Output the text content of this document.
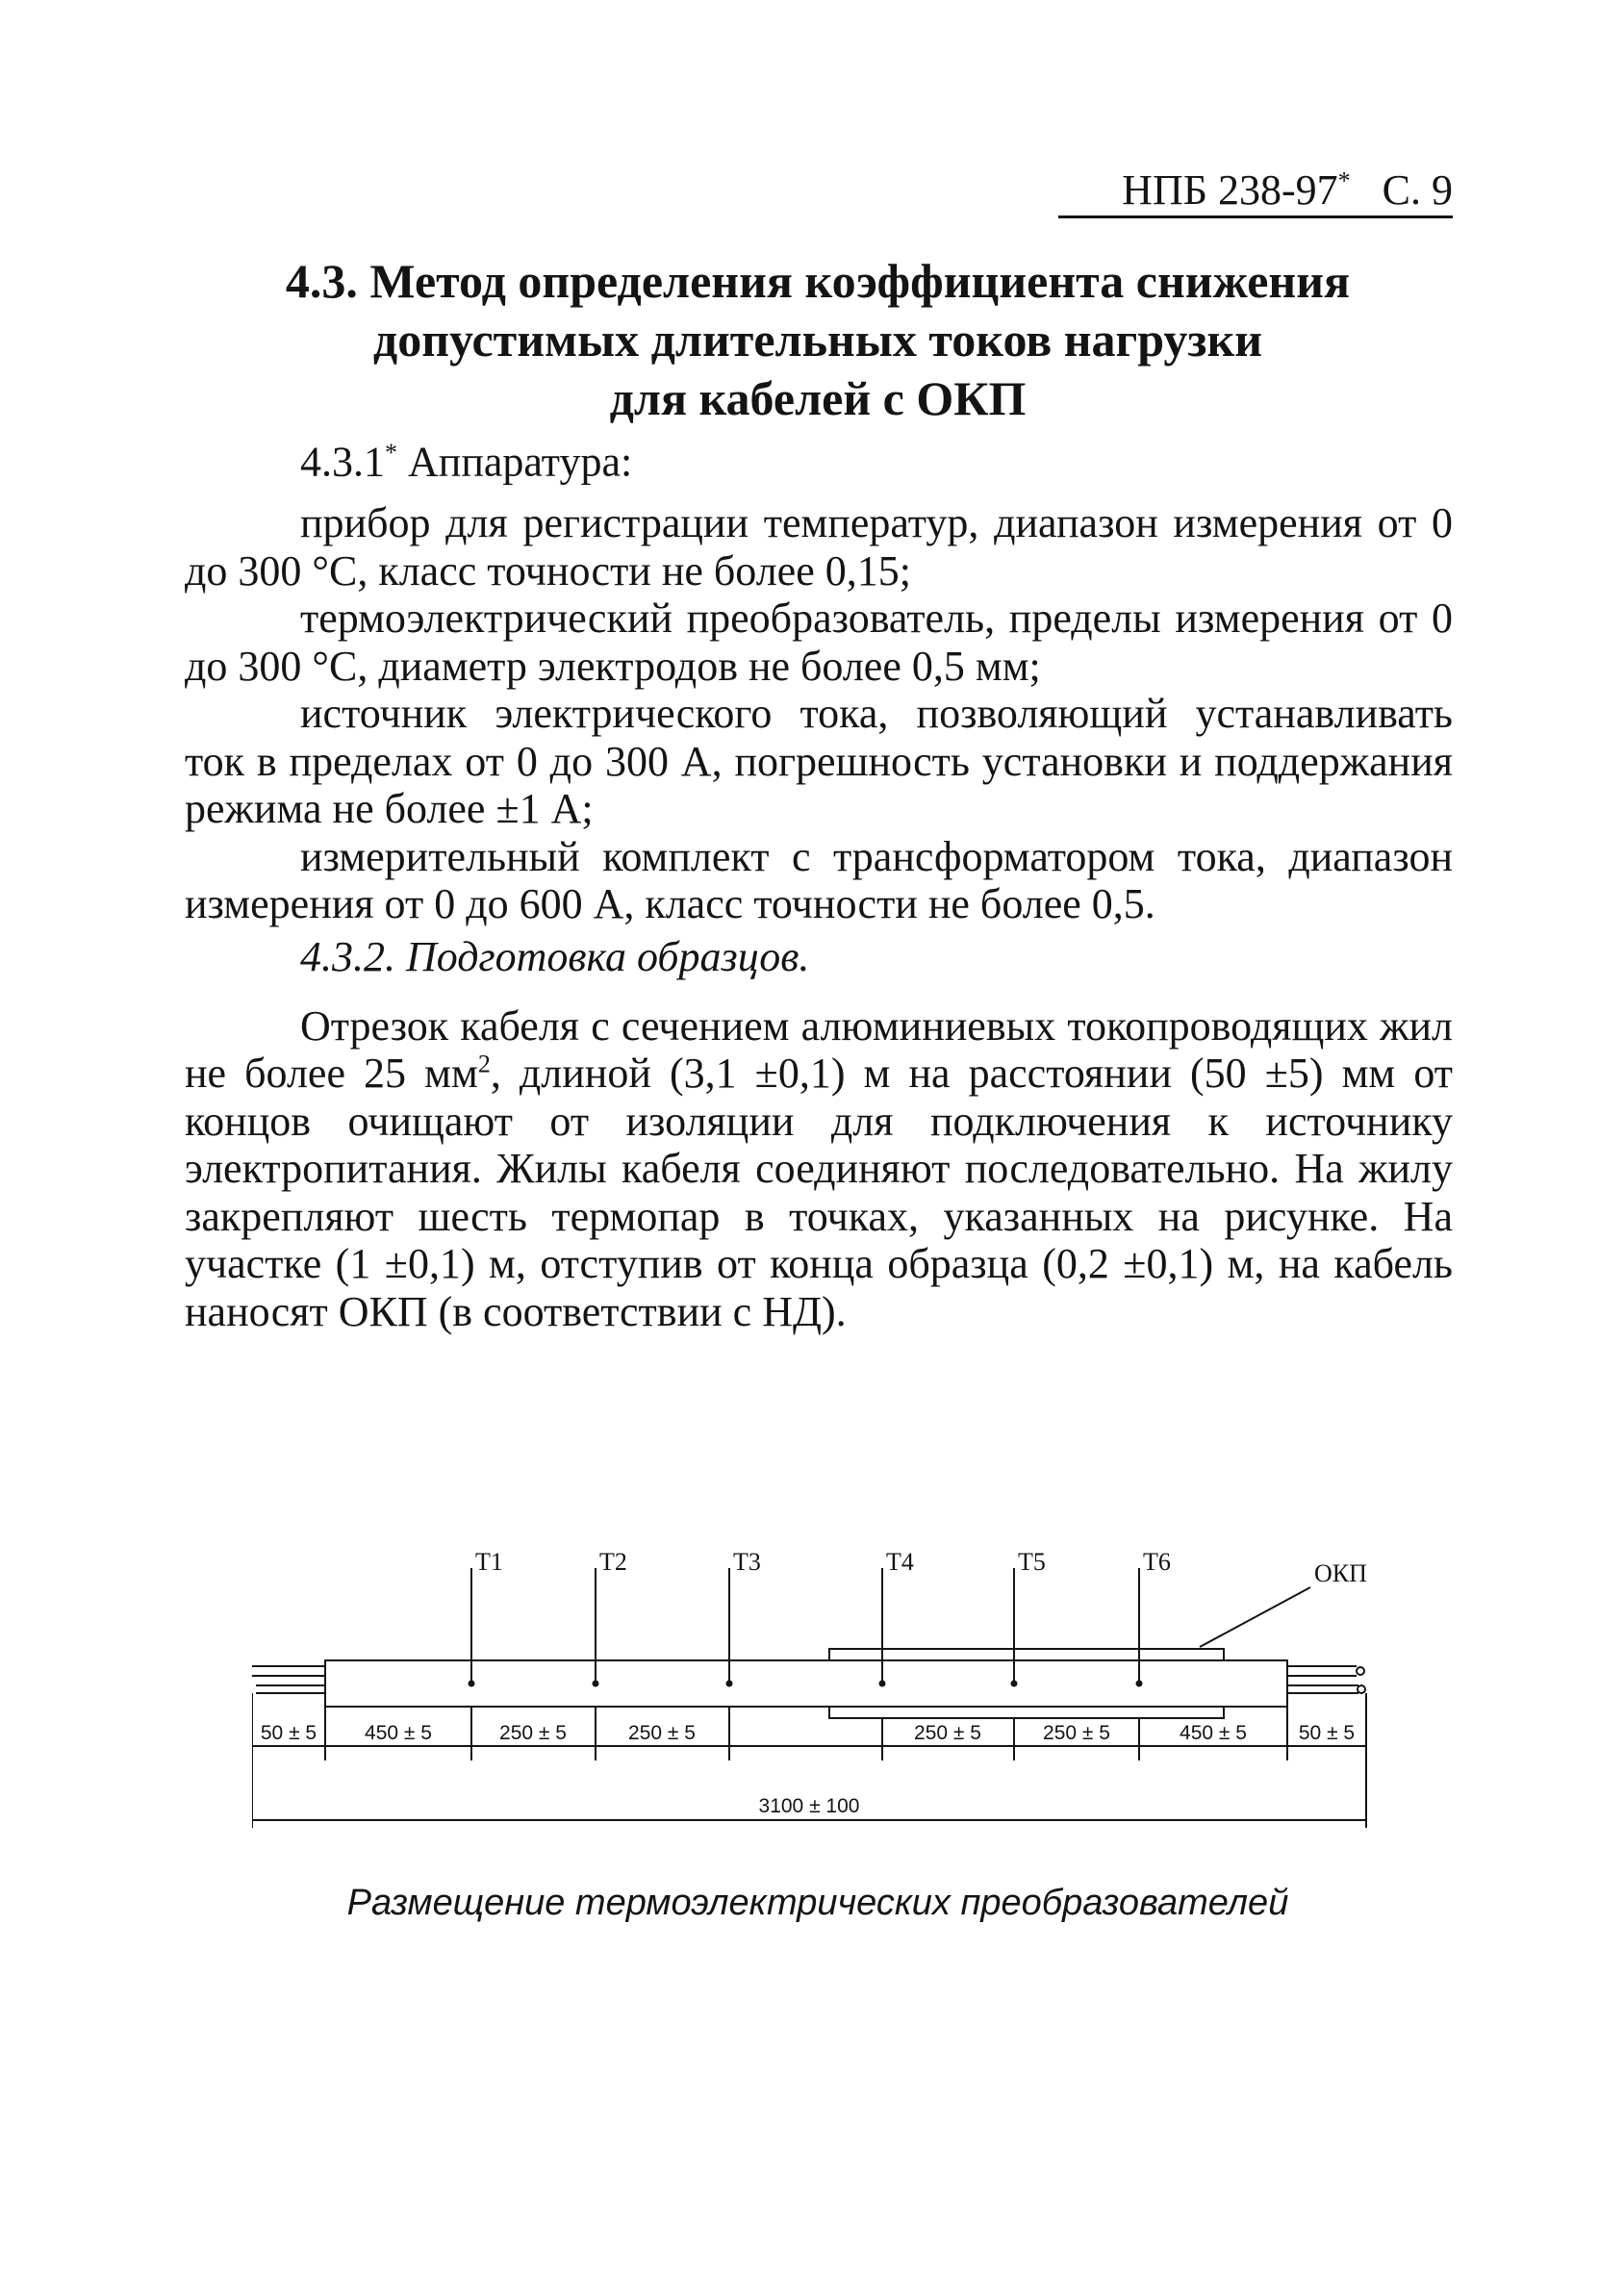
НПБ 238-97* С. 9
4.3. Метод определения коэффициента снижения
допустимых длительных токов нагрузки
для кабелей с ОКП

4.3.1* Аппаратура:

прибор для регистрации температур, диапазон измерения от 0 до 300 °С, класс точности не более 0,15;

термоэлектрический преобразователь, пределы измерения от 0 до 300 °С, диаметр электродов не более 0,5 мм;

источник электрического тока, позволяющий устанавливать ток в пределах от 0 до 300 А, погрешность установки и поддержания режима не более ±1 А;

измерительный комплект с трансформатором тока, диапазон измерения от 0 до 600 А, класс точности не более 0,5.

4.3.2. Подготовка образцов.

Отрезок кабеля с сечением алюминиевых токопроводящих жил не более 25 $мм^2$, длиной (3,1 ±0,1) м на расстоянии (50 ±5) мм от концов очищают от изоляции для подключения к источнику электропитания. Жилы кабеля соединяют последовательно. На жилу закрепляют шесть термопар в точках, указанных на рисунке. На участке (1 ±0,1) м, отступив от конца образца (0,2 ±0,1) м, на кабель наносят ОКП (в соответствии с НД).

T1	T2	T3	T4	T5	T6	ОКП
50 ± 5 450 ± 5	250 ± 5	250 ± 5	250 ± 5	250 ± 5	450 ± 5	50 ± 5
3100 ± 100
Размещение термоэлектрических преобразователей
